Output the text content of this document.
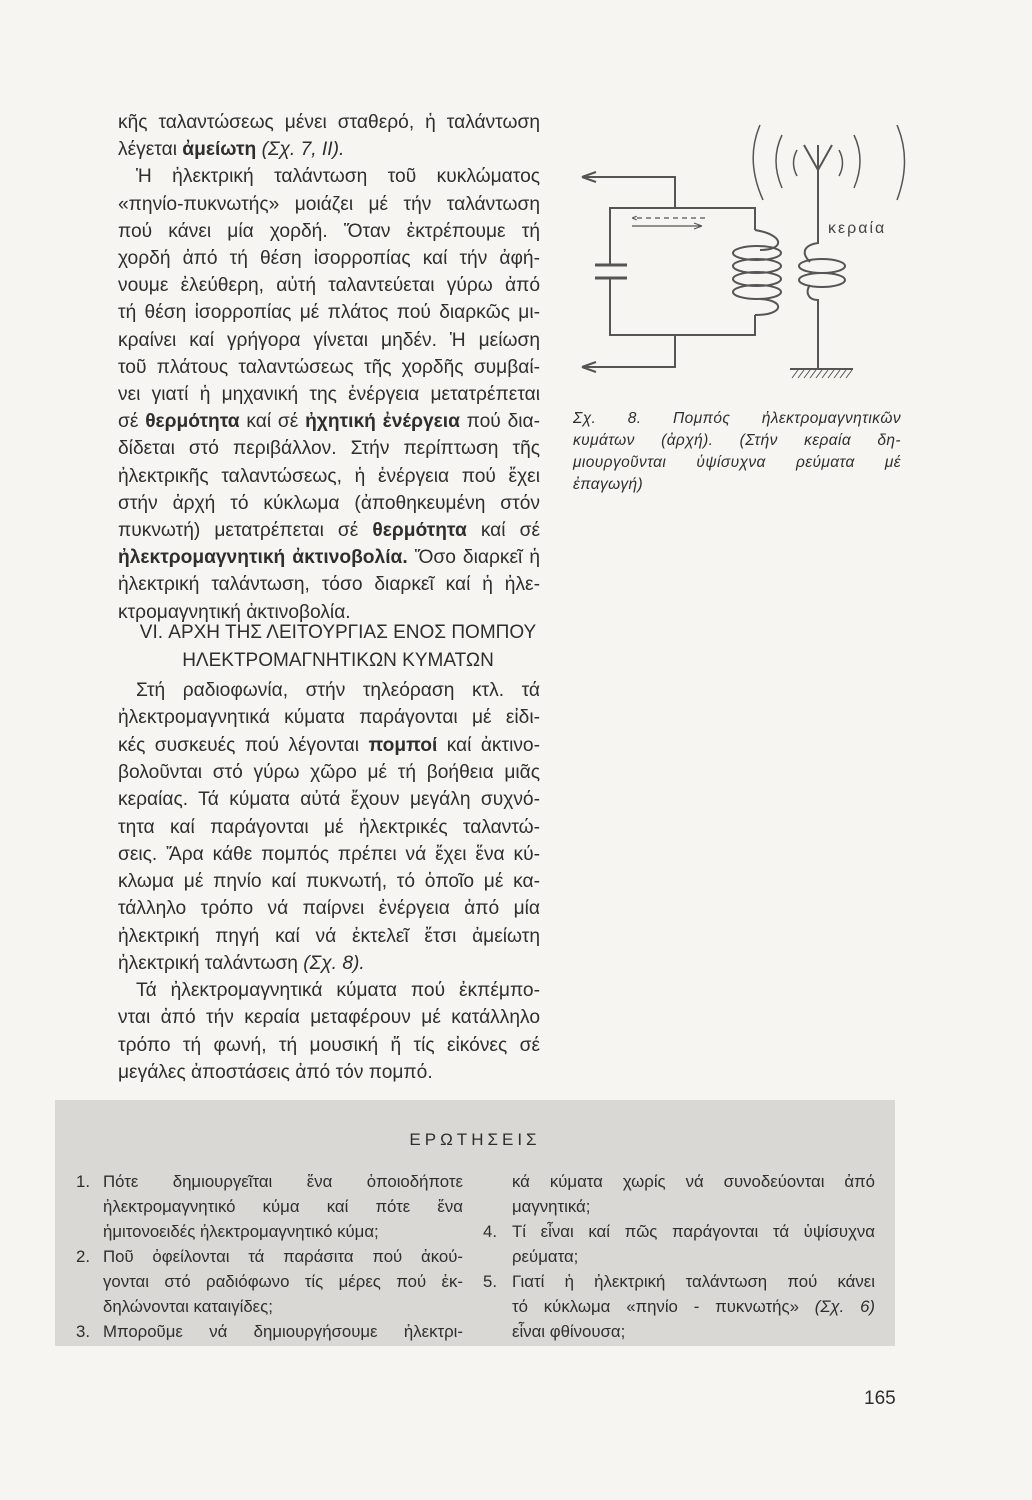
κῆς ταλαντώσεως μένει σταθερό, ἡ ταλάντωση
λέγεται ἀμείωτη (Σχ. 7, II).
Ἡ ἠλεκτρική ταλάντωση τοῦ κυκλώματος
«πηνίο-πυκνωτής» μοιάζει μέ τήν ταλάντωση
πού κάνει μία χορδή. Ὅταν ἐκτρέπουμε τή
χορδή ἀπό τή θέση ἰσορροπίας καί τήν ἀφή-
νουμε ἐλεύθερη, αὐτή ταλαντεύεται γύρω ἀπό
τή θέση ἰσορροπίας μέ πλάτος πού διαρκῶς μι-
κραίνει καί γρήγορα γίνεται μηδέν. Ἡ μείωση
τοῦ πλάτους ταλαντώσεως τῆς χορδῆς συμβαί-
νει γιατί ἡ μηχανική της ἐνέργεια μετατρέπεται
σέ θερμότητα καί σέ ἠχητική ἐνέργεια πού δια-
δίδεται στό περιβάλλον. Στήν περίπτωση τῆς
ἠλεκτρικῆς ταλαντώσεως, ἡ ἐνέργεια πού ἔχει
στήν ἀρχή τό κύκλωμα (ἀποθηκευμένη στόν
πυκνωτή) μετατρέπεται σέ θερμότητα καί σέ
ἠλεκτρομαγνητική ἀκτινοβολία. Ὅσο διαρκεῖ ἡ
ἠλεκτρική ταλάντωση, τόσο διαρκεῖ καί ἡ ἠλε-
κτρομαγνητική ἀκτινοβολία.
VI. ΑΡΧΗ ΤΗΣ ΛΕΙΤΟΥΡΓΙΑΣ ΕΝΟΣ ΠΟΜΠΟΥ
ΗΛΕΚΤΡΟΜΑΓΝΗΤΙΚΩΝ ΚΥΜΑΤΩΝ
Στή ραδιοφωνία, στήν τηλεόραση κτλ. τά
ἠλεκτρομαγνητικά κύματα παράγονται μέ εἰδι-
κές συσκευές πού λέγονται πομποί καί ἀκτινο-
βολοῦνται στό γύρω χῶρο μέ τή βοήθεια μιᾶς
κεραίας. Τά κύματα αὐτά ἔχουν μεγάλη συχνό-
τητα καί παράγονται μέ ἠλεκτρικές ταλαντώ-
σεις. Ἄρα κάθε πομπός πρέπει νά ἔχει ἕνα κύ-
κλωμα μέ πηνίο καί πυκνωτή, τό ὁποῖο μέ κα-
τάλληλο τρόπο νά παίρνει ἐνέργεια ἀπό μία
ἠλεκτρική πηγή καί νά ἐκτελεῖ ἔτσι ἀμείωτη
ἠλεκτρική ταλάντωση (Σχ. 8).
Τά ἠλεκτρομαγνητικά κύματα πού ἐκπέμπο-
νται ἀπό τήν κεραία μεταφέρουν μέ κατάλληλο
τρόπο τή φωνή, τή μουσική ἤ τίς εἰκόνες σέ
μεγάλες ἀποστάσεις ἀπό τόν πομπό.
κεραία
Σχ. 8. Πομπός ἠλεκτρομαγνητικῶν
κυμάτων (ἀρχή). (Στήν κεραία δη-
μιουργοῦνται ὑψίσυχνα ρεύματα μέ
ἐπαγωγή)
ΕΡΩΤΗΣΕΙΣ
1. Πότε δημιουργεῖται ἕνα ὁποιοδήποτε
ἠλεκτρομαγνητικό κύμα καί πότε ἕνα
ἡμιτονοειδές ἠλεκτρομαγνητικό κύμα;
2. Ποῦ ὀφείλονται τά παράσιτα πού ἀκού-
γονται στό ραδιόφωνο τίς μέρες πού ἐκ-
δηλώνονται καταιγίδες;
3. Μποροῦμε νά δημιουργήσουμε ἠλεκτρι-
κά κύματα χωρίς νά συνοδεύονται ἀπό
μαγνητικά;
4. Τί εἶναι καί πῶς παράγονται τά ὑψίσυχνα
ρεύματα;
5. Γιατί ἡ ἠλεκτρική ταλάντωση πού κάνει
τό κύκλωμα «πηνίο - πυκνωτής» (Σχ. 6)
εἶναι φθίνουσα;
165
